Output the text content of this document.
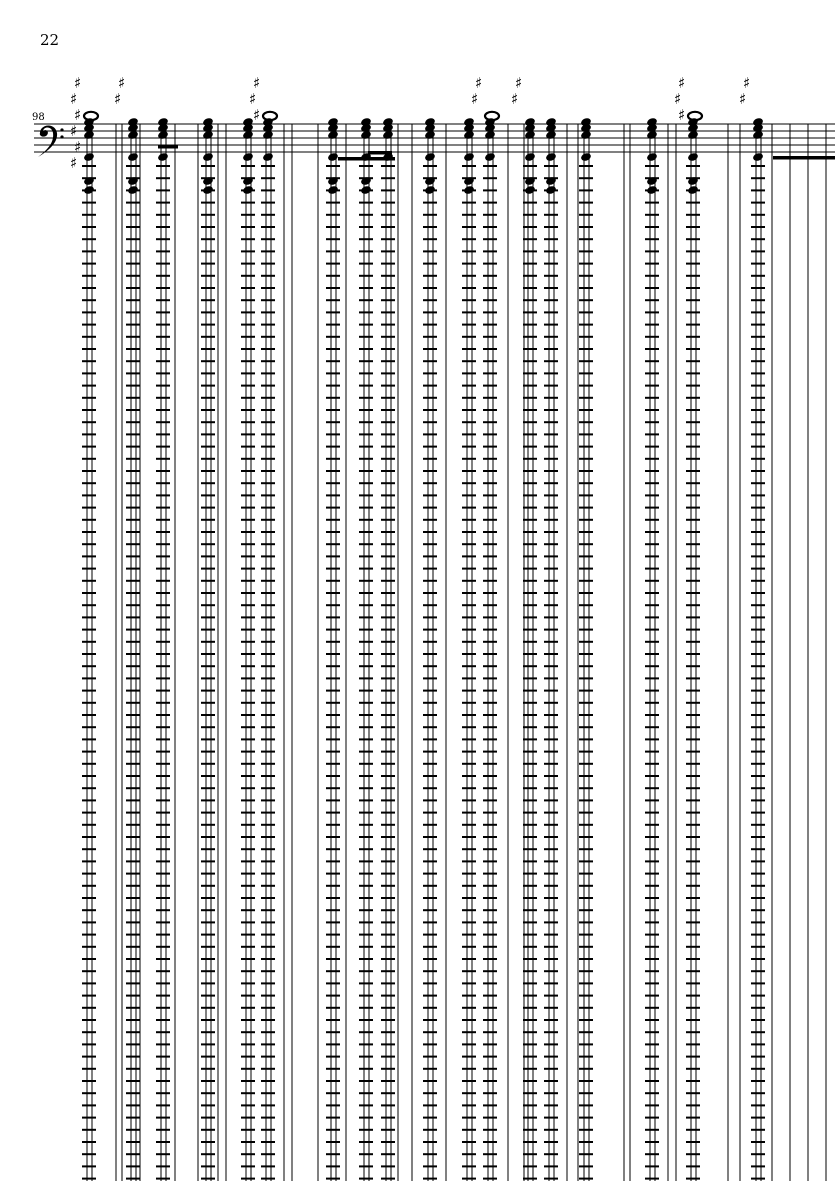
22
98
♯
♯
♯
♯
♯
♯
♯
♯
♯
♯
♯
♯
♯
♯
♯
♯
♯
♯
♯
♯
